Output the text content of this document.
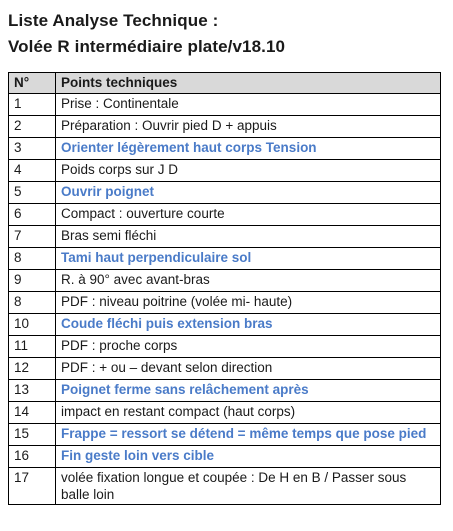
Liste Analyse Technique :
Volée R intermédiaire plate/v18.10
N°	Points techniques
1	Prise : Continentale
2	Préparation : Ouvrir pied D + appuis
3	Orienter légèrement haut corps Tension
4	Poids corps sur J D
5	Ouvrir poignet
6	Compact : ouverture courte
7	Bras semi fléchi
8	Tami haut perpendiculaire sol
9	R. à 90° avec avant-bras
8	PDF : niveau poitrine (volée mi- haute)
10	Coude fléchi puis extension bras
11	PDF : proche corps
12	PDF : + ou – devant selon direction
13	Poignet ferme sans relâchement après
14	impact en restant compact (haut corps)
15	Frappe = ressort se détend = même temps que pose pied
16	Fin geste loin vers cible
17	volée fixation longue et coupée : De H en B / Passer sous balle loin
